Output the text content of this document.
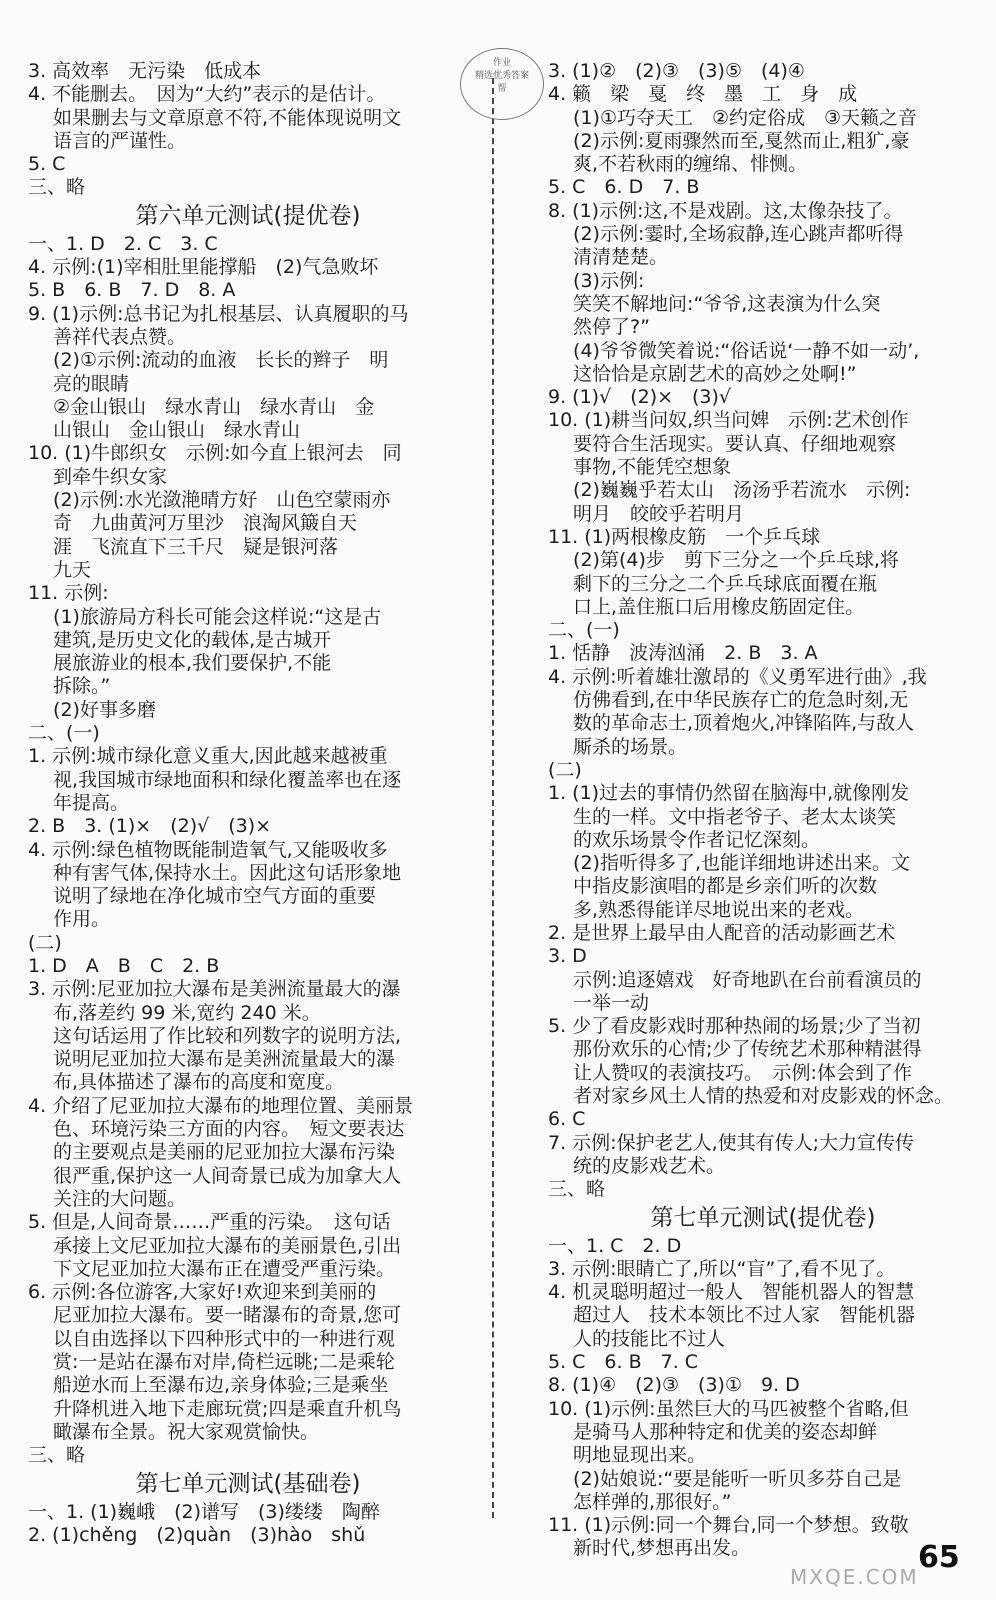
3. 高效率　无污染　低成本
4. 不能删去。　因为“大约”表示的是估计。
　 如果删去与文章原意不符,不能体现说明文
　 语言的严谨性。
5. C
三、略
第六单元测试(提优卷)
一、1. D　2. C　3. C
4. 示例:(1)宰相肚里能撑船　(2)气急败坏
5. B　6. B　7. D　8. A
9. (1)示例:总书记为扎根基层、认真履职的马
　 善祥代表点赞。
　 (2)①示例:流动的血液　长长的辫子　明
　 亮的眼睛
　 ②金山银山　绿水青山　绿水青山　金
　 山银山　金山银山　绿水青山
10. (1)牛郎织女　示例:如今直上银河去　同
　 到牵牛织女家
　 (2)示例:水光潋滟晴方好　山色空蒙雨亦
　 奇　九曲黄河万里沙　浪淘风簸自天
　 涯　飞流直下三千尺　疑是银河落
　 九天
11. 示例:
　 (1)旅游局方科长可能会这样说:“这是古
　 建筑,是历史文化的载体,是古城开
　 展旅游业的根本,我们要保护,不能
　 拆除。”
　 (2)好事多磨
二、(一)
1. 示例:城市绿化意义重大,因此越来越被重
　 视,我国城市绿地面积和绿化覆盖率也在逐
　 年提高。
2. B　3. (1)×　(2)√　(3)×
4. 示例:绿色植物既能制造氧气,又能吸收多
　 种有害气体,保持水土。因此这句话形象地
　 说明了绿地在净化城市空气方面的重要
　 作用。
(二)
1. D　A　B　C　2. B
3. 示例:尼亚加拉大瀑布是美洲流量最大的瀑
　 布,落差约 99 米,宽约 240 米。
　 这句话运用了作比较和列数字的说明方法,
　 说明尼亚加拉大瀑布是美洲流量最大的瀑
　 布,具体描述了瀑布的高度和宽度。
4. 介绍了尼亚加拉大瀑布的地理位置、美丽景
　 色、环境污染三方面的内容。　短文要表达
　 的主要观点是美丽的尼亚加拉大瀑布污染
　 很严重,保护这一人间奇景已成为加拿大人
　 关注的大问题。
5. 但是,人间奇景……严重的污染。　这句话
　 承接上文尼亚加拉大瀑布的美丽景色,引出
　 下文尼亚加拉大瀑布正在遭受严重污染。
6. 示例:各位游客,大家好!欢迎来到美丽的
　 尼亚加拉大瀑布。要一睹瀑布的奇景,您可
　 以自由选择以下四种形式中的一种进行观
　 赏:一是站在瀑布对岸,倚栏远眺;二是乘轮
　 船逆水而上至瀑布边,亲身体验;三是乘坐
　 升降机进入地下走廊玩赏;四是乘直升机鸟
　 瞰瀑布全景。祝大家观赏愉快。
三、略
第七单元测试(基础卷)
一、1. (1)巍峨　(2)谱写　(3)缕缕　陶醉
2. (1)chěng　(2)quàn　(3)hào　shǔ
3. (1)②　(2)③　(3)⑤　(4)④
4. 籁　梁　戛　终　墨　工　身　成
　 (1)①巧夺天工　②约定俗成　③天籁之音
　 (2)示例:夏雨骤然而至,戛然而止,粗犷,豪
　 爽,不若秋雨的缠绵、悱恻。
5. C　6. D　7. B
8. (1)示例:这,不是戏剧。这,太像杂技了。
　 (2)示例:霎时,全场寂静,连心跳声都听得
　 清清楚楚。
　 (3)示例:
　 笑笑不解地问:“爷爷,这表演为什么突
　 然停了?”
　 (4)爷爷微笑着说:“俗话说‘一静不如一动’,
　 这恰恰是京剧艺术的高妙之处啊!”
9. (1)√　(2)×　(3)√
10. (1)耕当问奴,织当问婢　示例:艺术创作
　 要符合生活现实。要认真、仔细地观察
　 事物,不能凭空想象
　 (2)巍巍乎若太山　汤汤乎若流水　示例:
　 明月　皎皎乎若明月
11. (1)两根橡皮筋　一个乒乓球
　 (2)第(4)步　剪下三分之一个乒乓球,将
　 剩下的三分之二个乒乓球底面覆在瓶
　 口上,盖住瓶口后用橡皮筋固定住。
二、(一)
1. 恬静　波涛汹涌　2. B　3. A
4. 示例:听着雄壮激昂的《义勇军进行曲》,我
　 仿佛看到,在中华民族存亡的危急时刻,无
　 数的革命志士,顶着炮火,冲锋陷阵,与敌人
　 厮杀的场景。
(二)
1. (1)过去的事情仍然留在脑海中,就像刚发
　 生的一样。文中指老爷子、老太太谈笑
　 的欢乐场景令作者记忆深刻。
　 (2)指听得多了,也能详细地讲述出来。文
　 中指皮影演唱的都是乡亲们听的次数
　 多,熟悉得能详尽地说出来的老戏。
2. 是世界上最早由人配音的活动影画艺术
3. D
　 示例:追逐嬉戏　好奇地趴在台前看演员的
　 一举一动
5. 少了看皮影戏时那种热闹的场景;少了当初
　 那份欢乐的心情;少了传统艺术那种精湛得
　 让人赞叹的表演技巧。　示例:体会到了作
　 者对家乡风土人情的热爱和对皮影戏的怀念。
6. C
7. 示例:保护老艺人,使其有传人;大力宣传传
　 统的皮影戏艺术。
三、略
第七单元测试(提优卷)
一、1. C　2. D
3. 示例:眼睛亡了,所以“盲”了,看不见了。
4. 机灵聪明超过一般人　智能机器人的智慧
　 超过人　技术本领比不过人家　智能机器
　 人的技能比不过人
5. C　6. B　7. C
8. (1)④　(2)③　(3)①　9. D
10. (1)示例:虽然巨大的马匹被整个省略,但
　 是骑马人那种特定和优美的姿态却鲜
　 明地显现出来。
　 (2)姑娘说:“要是能听一听贝多芬自己是
　 怎样弹的,那很好。”
11. (1)示例:同一个舞台,同一个梦想。致敬
　 新时代,梦想再出发。
作业
精选优秀答案
帮
65
MXQE.COM
